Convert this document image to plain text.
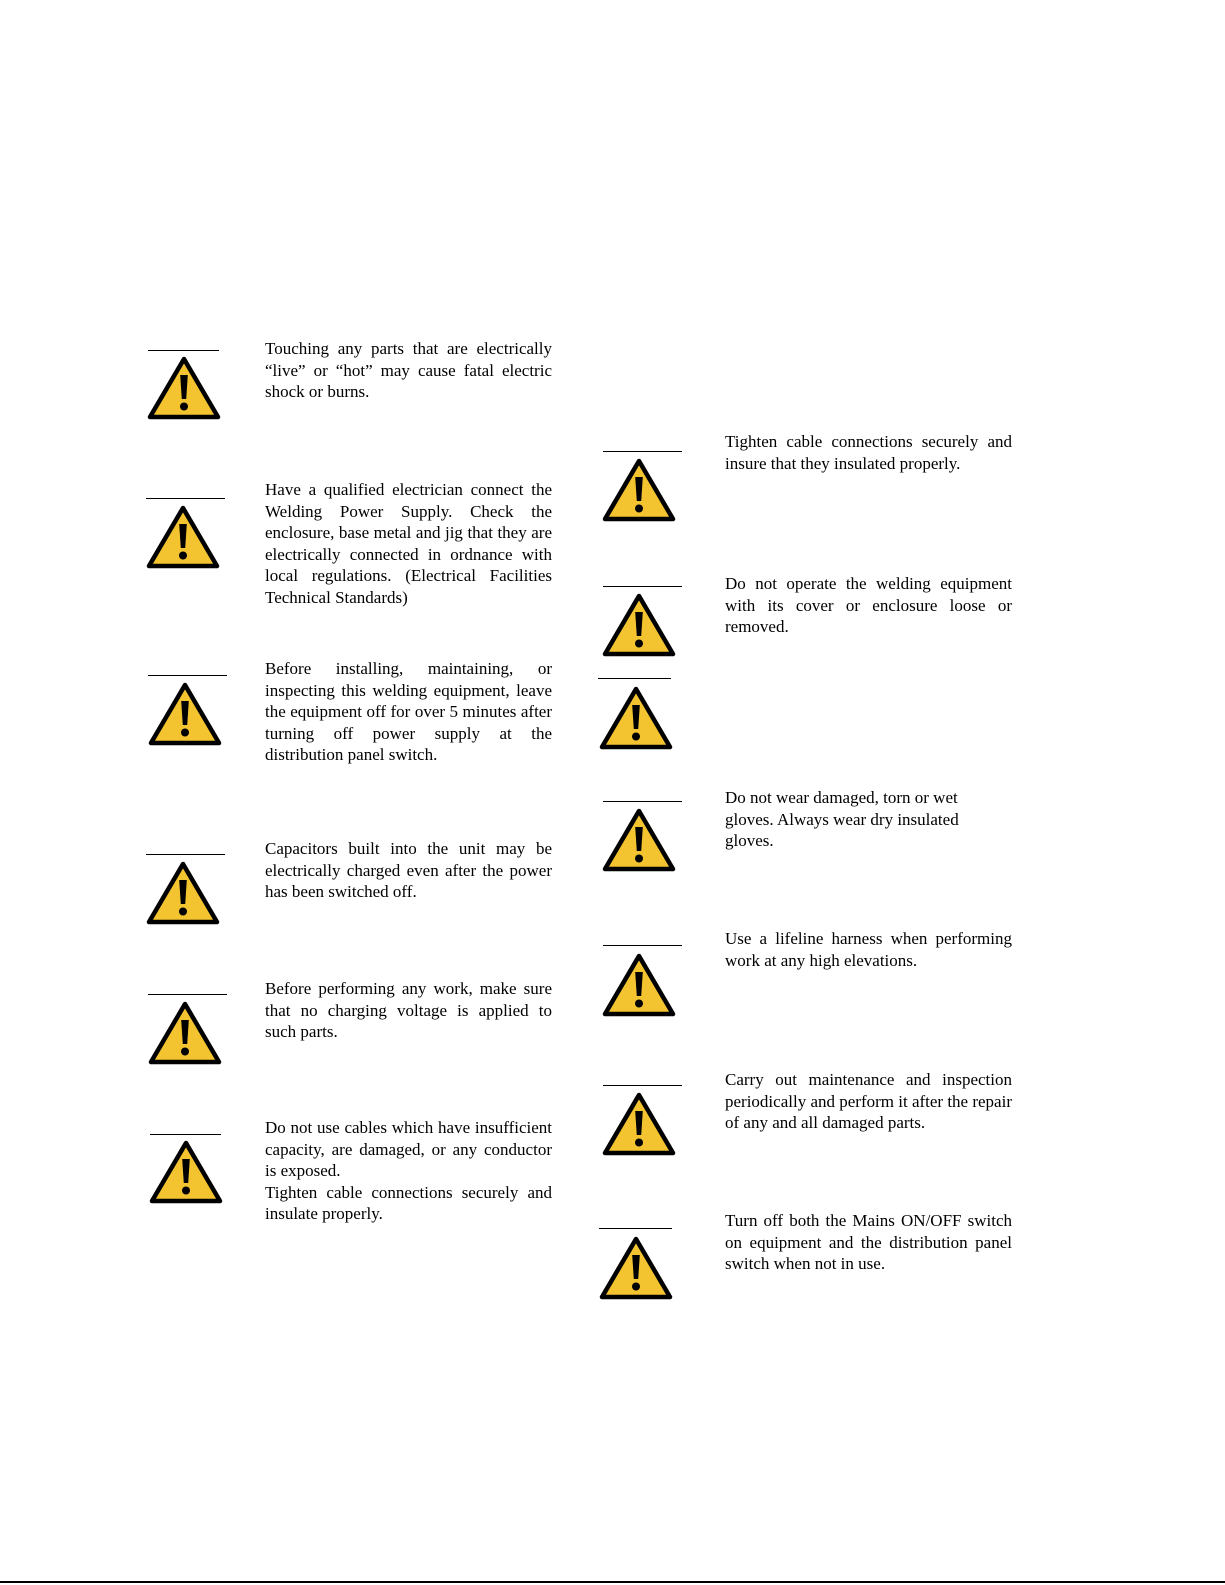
Touching any parts that are electrically “live” or “hot” may cause fatal electric shock or burns.
Have a qualified electrician connect the Welding Power Supply. Check the enclosure, base metal and jig that they are electrically connected in ordnance with local regulations. (Electrical Facilities Technical Standards)
Before installing, maintaining, or inspecting this welding equipment, leave the equipment off for over 5 minutes after turning off power supply at the distribution panel switch.
Capacitors built into the unit may be electrically charged even after the power has been switched off.
Before performing any work, make sure that no charging voltage is applied to such parts.
Do not use cables which have insufficient capacity, are damaged, or any conductor is exposed.
Tighten cable connections securely and insulate properly.
Tighten cable connections securely and insure that they insulated properly.
Do not operate the welding equipment with its cover or enclosure loose or removed.
Do not wear damaged, torn or wet gloves. Always wear dry insulated gloves.
Use a lifeline harness when performing work at any high elevations.
Carry out maintenance and inspection periodically and perform it after the repair of any and all damaged parts.
Turn off both the Mains ON/OFF switch on equipment and the distribution panel switch when not in use.
